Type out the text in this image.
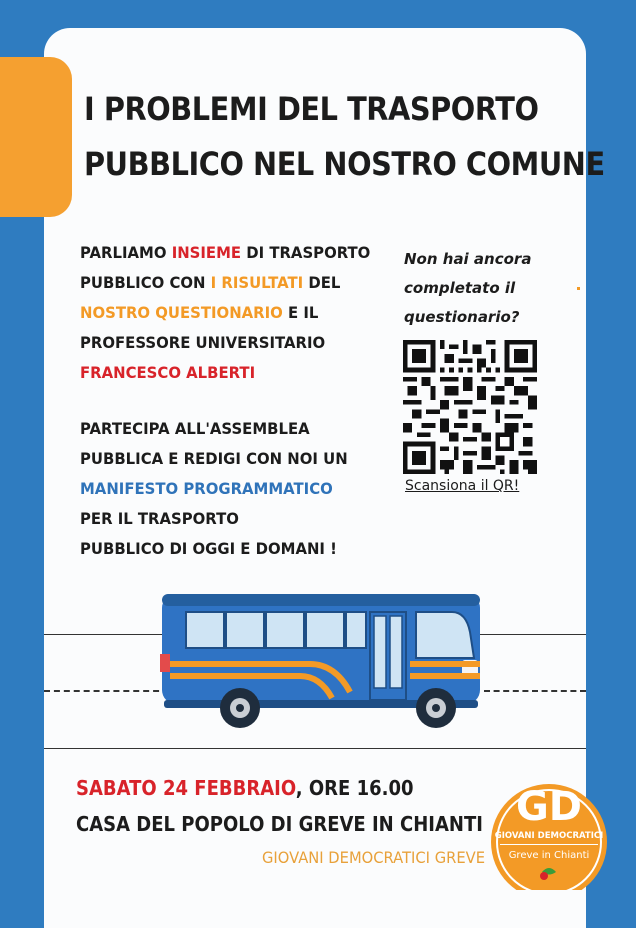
I PROBLEMI DEL TRASPORTO
PUBBLICO NEL NOSTRO COMUNE
PARLIAMO INSIEME DI TRASPORTO
PUBBLICO CON I RISULTATI DEL
NOSTRO QUESTIONARIO E IL
PROFESSORE UNIVERSITARIO
FRANCESCO ALBERTI
PARTECIPA ALL'ASSEMBLEA
PUBBLICA E REDIGI CON NOI UN
MANIFESTO PROGRAMMATICO
PER IL TRASPORTO
PUBBLICO DI OGGI E DOMANI !
Non hai ancora
completato il
questionario?
Scansiona il QR!
SABATO 24 FEBBRAIO, ORE 16.00
CASA DEL POPOLO DI GREVE IN CHIANTI
GIOVANI DEMOCRATICI GREVE
GD
GIOVANI DEMOCRATICI
Greve in Chianti
